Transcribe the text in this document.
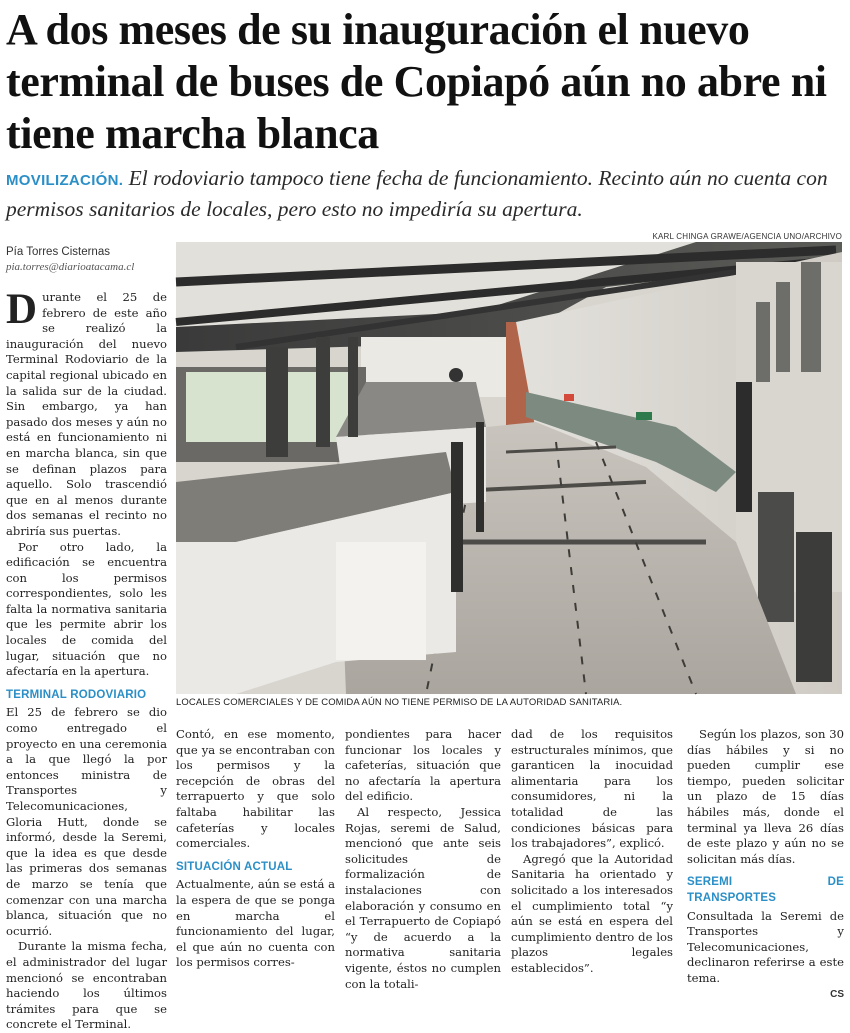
A dos meses de su inauguración el nuevo terminal de buses de Copiapó aún no abre ni tiene marcha blanca
MOVILIZACIÓN. El rodoviario tampoco tiene fecha de funcionamiento. Recinto aún no cuenta con permisos sanitarios de locales, pero esto no impediría su apertura.
Pía Torres Cisternas
pia.torres@diarioatacama.cl
KARL CHINGA GRAWE/AGENCIA UNO/ARCHIVO
LOCALES COMERCIALES Y DE COMIDA AÚN NO TIENE PERMISO DE LA AUTORIDAD SANITARIA.

Durante el 25 de febrero de este año se realizó la inauguración del nuevo Terminal Rodoviario de la capital regional ubicado en la salida sur de la ciudad. Sin embargo, ya han pasado dos meses y aún no está en funcionamiento ni en marcha blanca, sin que se definan plazos para aquello. Solo trascendió que en al menos durante dos semanas el recinto no abriría sus puertas.

Por otro lado, la edificación se encuentra con los permisos correspondientes, solo les falta la normativa sanitaria que les permite abrir los locales de comida del lugar, situación que no afectaría en la apertura.

TERMINAL RODOVIARIO

El 25 de febrero se dio como entregado el proyecto en una ceremonia a la que llegó la por entonces ministra de Transportes y Telecomunicaciones, Gloria Hutt, donde se informó, desde la Seremi, que la idea es que desde las primeras dos semanas de marzo se tenía que comenzar con una marcha blanca, situación que no ocurrió.

Durante la misma fecha, el administrador del lugar mencionó se encontraban haciendo los últimos trámites para que se concrete el Terminal.

Contó, en ese momento, que ya se encontraban con los permisos y la recepción de obras del terrapuerto y que solo faltaba habilitar las cafeterías y locales comerciales.

SITUACIÓN ACTUAL

Actualmente, aún se está a la espera de que se ponga en marcha el funcionamiento del lugar, el que aún no cuenta con los permisos corres-

pondientes para hacer funcionar los locales y cafeterías, situación que no afectaría la apertura del edificio.

Al respecto, Jessica Rojas, seremi de Salud, mencionó que ante seis solicitudes de formalización de instalaciones con elaboración y consumo en el Terrapuerto de Copiapó “y de acuerdo a la normativa sanitaria vigente, éstos no cumplen con la totali-

dad de los requisitos estructurales mínimos, que garanticen la inocuidad alimentaria para los consumidores, ni la totalidad de las condiciones básicas para los trabajadores”, explicó.

Agregó que la Autoridad Sanitaria ha orientado y solicitado a los interesados el cumplimiento total “y aún se está en espera del cumplimiento dentro de los plazos legales establecidos”.

Según los plazos, son 30 días hábiles y si no pueden cumplir ese tiempo, pueden solicitar un plazo de 15 días hábiles más, donde el terminal ya lleva 26 días de este plazo y aún no se solicitan más días.

SEREMI DE TRANSPORTES

Consultada la Seremi de Transportes y Telecomunicaciones, declinaron referirse a este tema.

CS
